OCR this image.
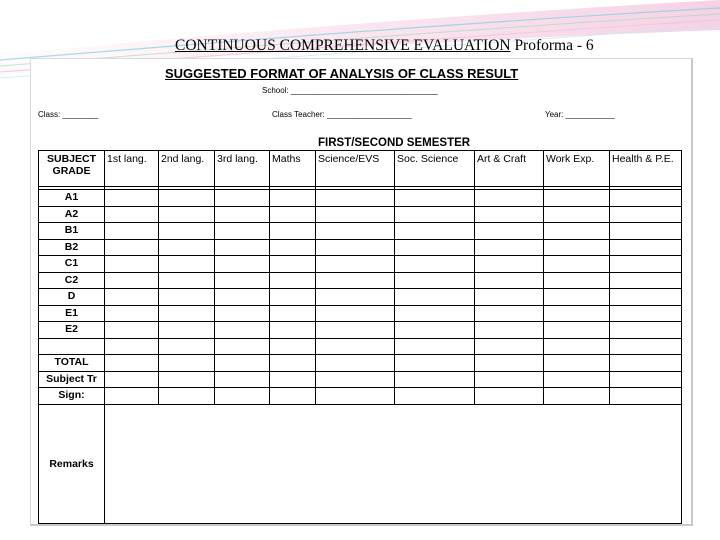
CONTINUOUS COMPREHENSIVE EVALUATION Proforma - 6
SUGGESTED FORMAT OF ANALYSIS OF CLASS RESULT
School: _________________________________
Class: ________	Class Teacher: ___________________	Year: ___________
FIRST/SECOND SEMESTER
SUBJECT
GRADE	1st lang.	2nd lang.	3rd lang.	Maths	Science/EVS	Soc. Science	Art & Craft	Work Exp.	Health & P.E.

A1									
A2									
B1									
B2									
C1									
C2									
D									
E1									
E2									

TOTAL									
Subject Tr									
Sign:									
Remarks									
